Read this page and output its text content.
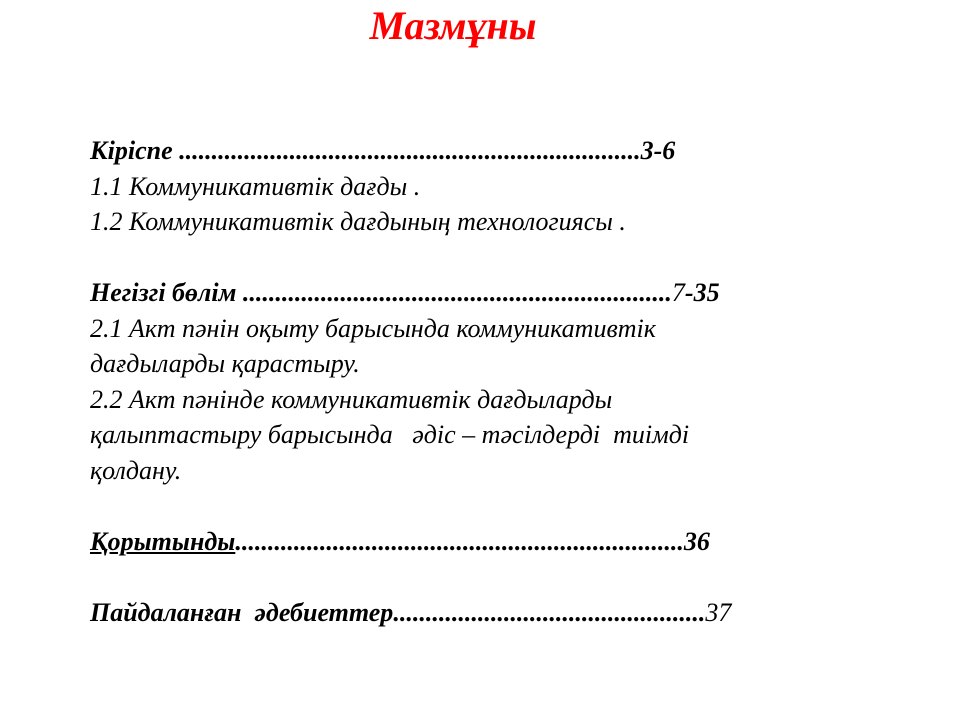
Мазмұны
Кіріспе .......................................................................3-6
1.1 Коммуникативтік дағды .
1.2 Коммуникативтік дағдының технологиясы .
Негізгі бөлім ..................................................................7-35
2.1 Акт пәнін оқыту барысында коммуникативтік
дағдыларды қарастыру.
2.2 Акт пәнінде коммуникативтік дағдыларды
қалыптастыру барысында   әдіс – тәсілдерді  тиімді
қолдану.
Қорытынды.....................................................................36
Пайдаланған  әдебиеттер................................................37
